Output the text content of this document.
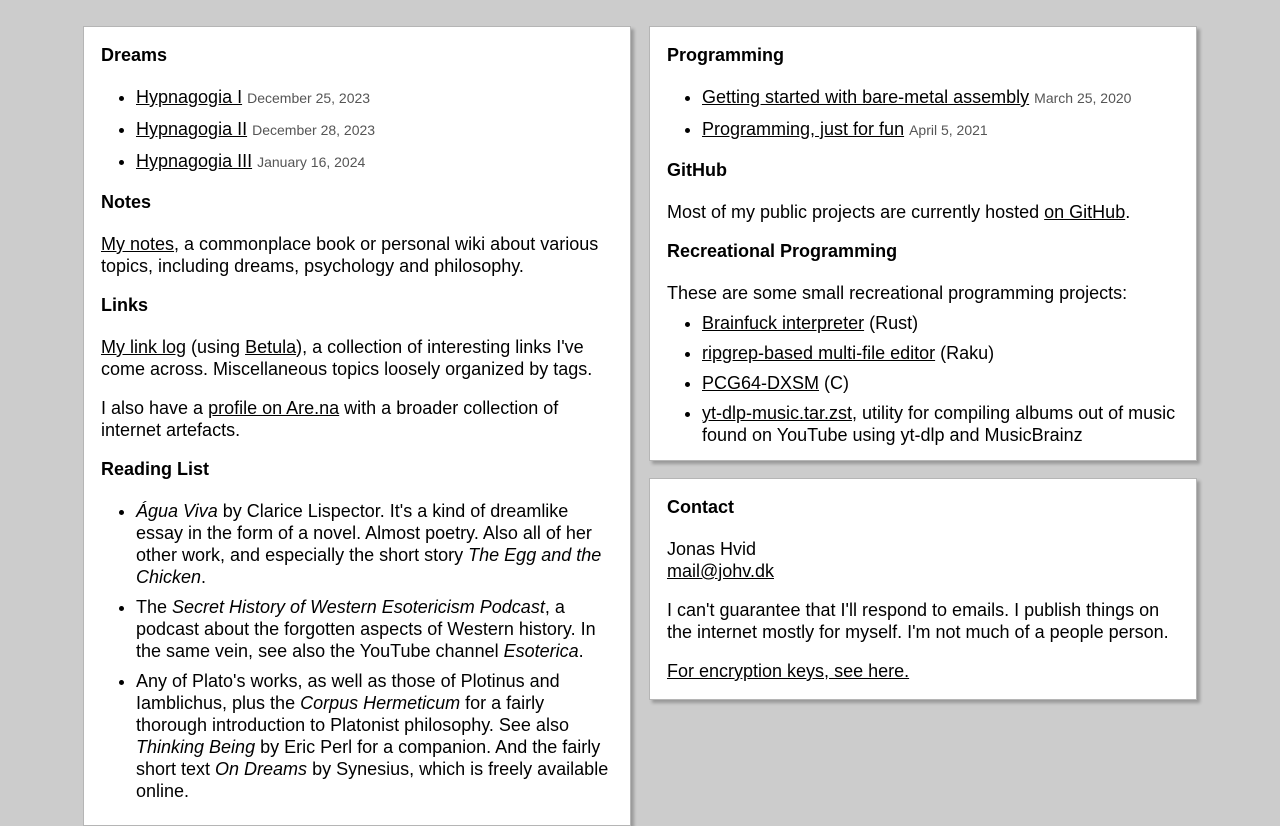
Dreams
• Hypnagogia I December 25, 2023
• Hypnagogia II December 28, 2023
• Hypnagogia III January 16, 2024
Notes

My notes, a commonplace book or personal wiki about various topics, including dreams, psychology and philosophy.

Links

My link log (using Betula), a collection of interesting links I've come across. Miscellaneous topics loosely organized by tags.

I also have a profile on Are.na with a broader collection of internet artefacts.

Reading List
• Água Viva by Clarice Lispector. It's a kind of dreamlike essay in the form of a novel. Almost poetry. Also all of her other work, and especially the short story The Egg and the Chicken.
• The Secret History of Western Esotericism Podcast, a podcast about the forgotten aspects of Western history. In the same vein, see also the YouTube channel Esoterica.
• Any of Plato's works, as well as those of Plotinus and Iamblichus, plus the Corpus Hermeticum for a fairly thorough introduction to Platonist philosophy. See also Thinking Being by Eric Perl for a companion. And the fairly short text On Dreams by Synesius, which is freely available online.
Programming
• Getting started with bare-metal assembly March 25, 2020
• Programming, just for fun April 5, 2021
GitHub

Most of my public projects are currently hosted on GitHub.

Recreational Programming

These are some small recreational programming projects:

• Brainfuck interpreter (Rust)
• ripgrep-based multi-file editor (Raku)
• PCG64-DXSM (C)
• yt-dlp-music.tar.zst, utility for compiling albums out of music found on YouTube using yt-dlp and MusicBrainz
Contact

Jonas Hvid
mail@johv.dk

I can't guarantee that I'll respond to emails. I publish things on the internet mostly for myself. I'm not much of a people person.

For encryption keys, see here.
